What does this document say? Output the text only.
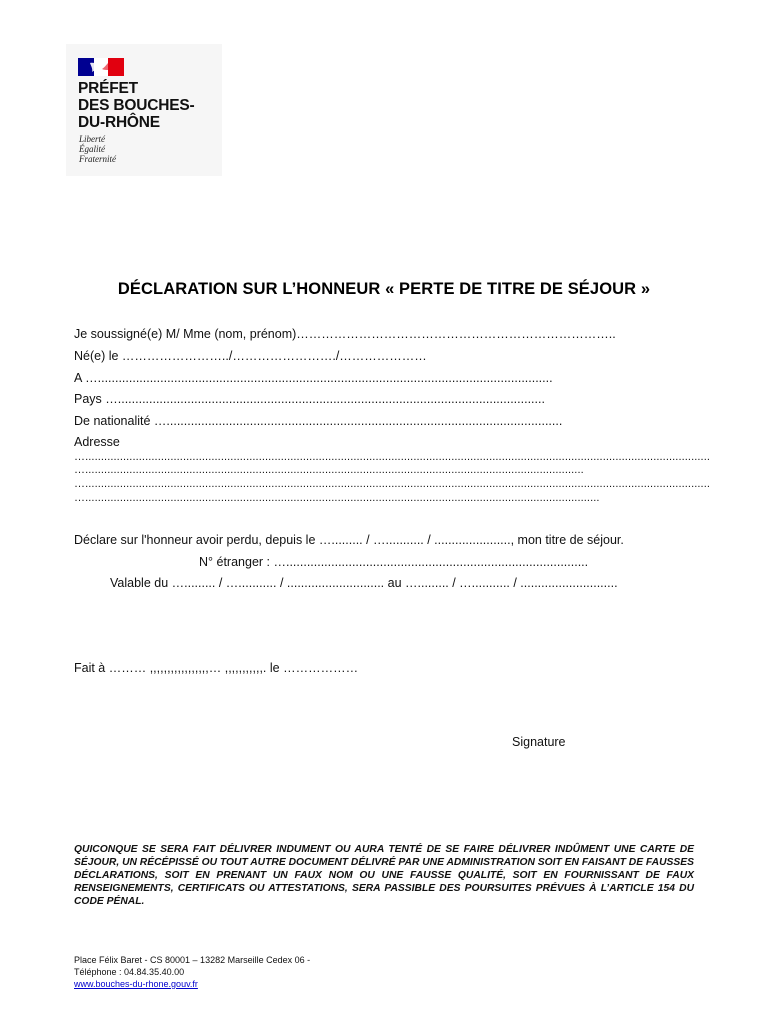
PRÉFET
DES BOUCHES-
DU-RHÔNE
Liberté
Égalité
Fraternité
DÉCLARATION SUR L’HONNEUR « PERTE DE TITRE DE SÉJOUR »
Je soussigné(e) M/ Mme (nom, prénom)…………………………………………………………………..
Né(e) le ……………………../……………………./…………………
A …...................................................................................................................................
Pays …...........................................................................................................................
De nationalité …..................................................................................................................
Adresse
…......................................................................................................................................................................................................
…..............................................................................................................................................................
…......................................................................................................................................................................................................
…...................................................................................................................................................................
Déclare sur l'honneur avoir perdu, depuis le …......... / …........... / ......................, mon titre de séjour.
N° étranger : ….......................................................................................
Valable du …......... / …........... / ............................ au …......... / …........... / ............................
Fait à ……… ,,,,,,,,,,,,,,,,,… ,,,,,,,,,,,. le ………………
Signature
QUICONQUE SE SERA FAIT DÉLIVRER INDUMENT OU AURA TENTÉ DE SE FAIRE DÉLIVRER INDÛMENT UNE CARTE DE SÉJOUR, UN RÉCÉPISSÉ OU TOUT AUTRE DOCUMENT DÉLIVRÉ PAR UNE ADMINISTRATION SOIT EN FAISANT DE FAUSSES DÉCLARATIONS, SOIT EN PRENANT UN FAUX NOM OU UNE FAUSSE QUALITÉ, SOIT EN FOURNISSANT DE FAUX RENSEIGNEMENTS, CERTIFICATS OU ATTESTATIONS, SERA PASSIBLE DES POURSUITES PRÉVUES À L’ARTICLE 154 DU CODE PÉNAL.
Place Félix Baret - CS 80001 – 13282 Marseille Cedex 06 -
Téléphone : 04.84.35.40.00
www.bouches-du-rhone.gouv.fr
